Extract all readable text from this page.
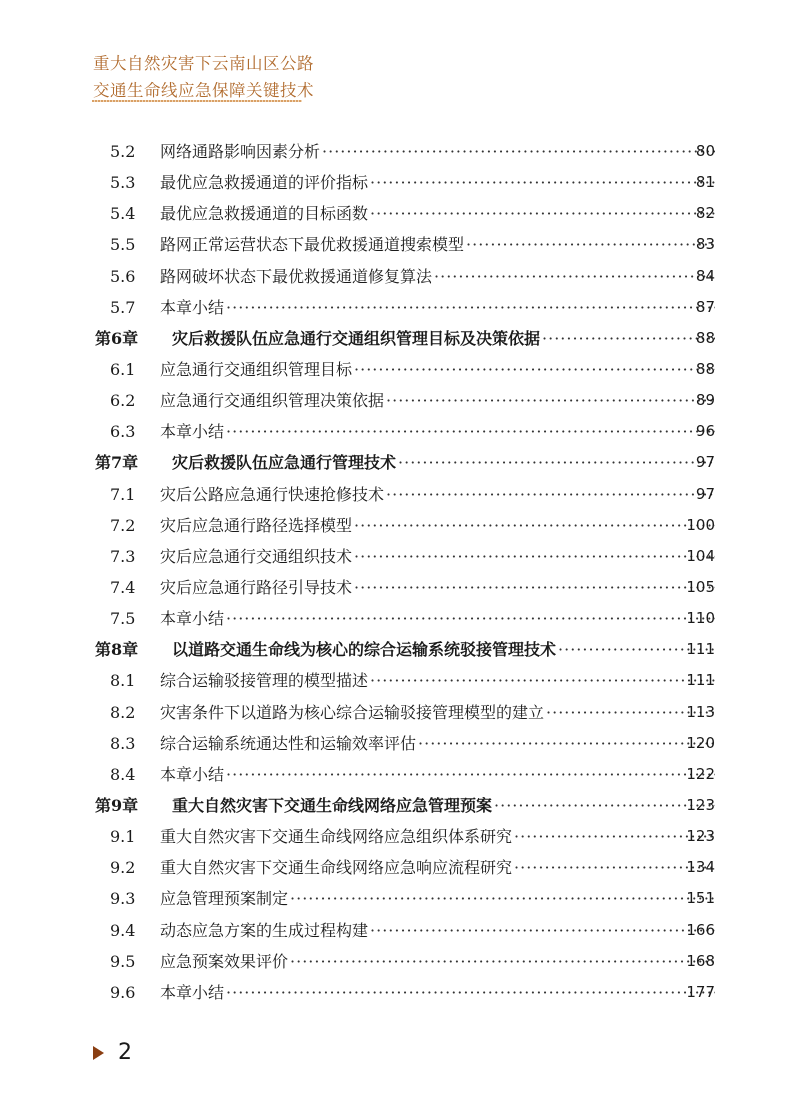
重大自然灾害下云南山区公路
交通生命线应急保障关键技术
5.2 网络通路影响因素分析 ·····	80
5.3 最优应急救援通道的评价指标 ·····	81
5.4 最优应急救援通道的目标函数 ·····	82
5.5 路网正常运营状态下最优救援通道搜索模型 ·····	83
5.6 路网破坏状态下最优救援通道修复算法 ·····	84
5.7 本章小结 ·····	87
第6章 灾后救援队伍应急通行交通组织管理目标及决策依据 ·····	88
6.1 应急通行交通组织管理目标 ·····	88
6.2 应急通行交通组织管理决策依据 ·····	89
6.3 本章小结 ·····	96
第7章 灾后救援队伍应急通行管理技术 ·····	97
7.1 灾后公路应急通行快速抢修技术 ·····	97
7.2 灾后应急通行路径选择模型 ·····	100
7.3 灾后应急通行交通组织技术 ·····	104
7.4 灾后应急通行路径引导技术 ·····	105
7.5 本章小结 ·····	110
第8章 以道路交通生命线为核心的综合运输系统驳接管理技术 ·····	111
8.1 综合运输驳接管理的模型描述 ·····	111
8.2 灾害条件下以道路为核心综合运输驳接管理模型的建立 ·····	113
8.3 综合运输系统通达性和运输效率评估 ·····	120
8.4 本章小结 ·····	122
第9章 重大自然灾害下交通生命线网络应急管理预案 ·····	123
9.1 重大自然灾害下交通生命线网络应急组织体系研究 ·····	123
9.2 重大自然灾害下交通生命线网络应急响应流程研究 ·····	134
9.3 应急管理预案制定 ·····	151
9.4 动态应急方案的生成过程构建 ·····	166
9.5 应急预案效果评价 ·····	168
9.6 本章小结 ·····	177
2
